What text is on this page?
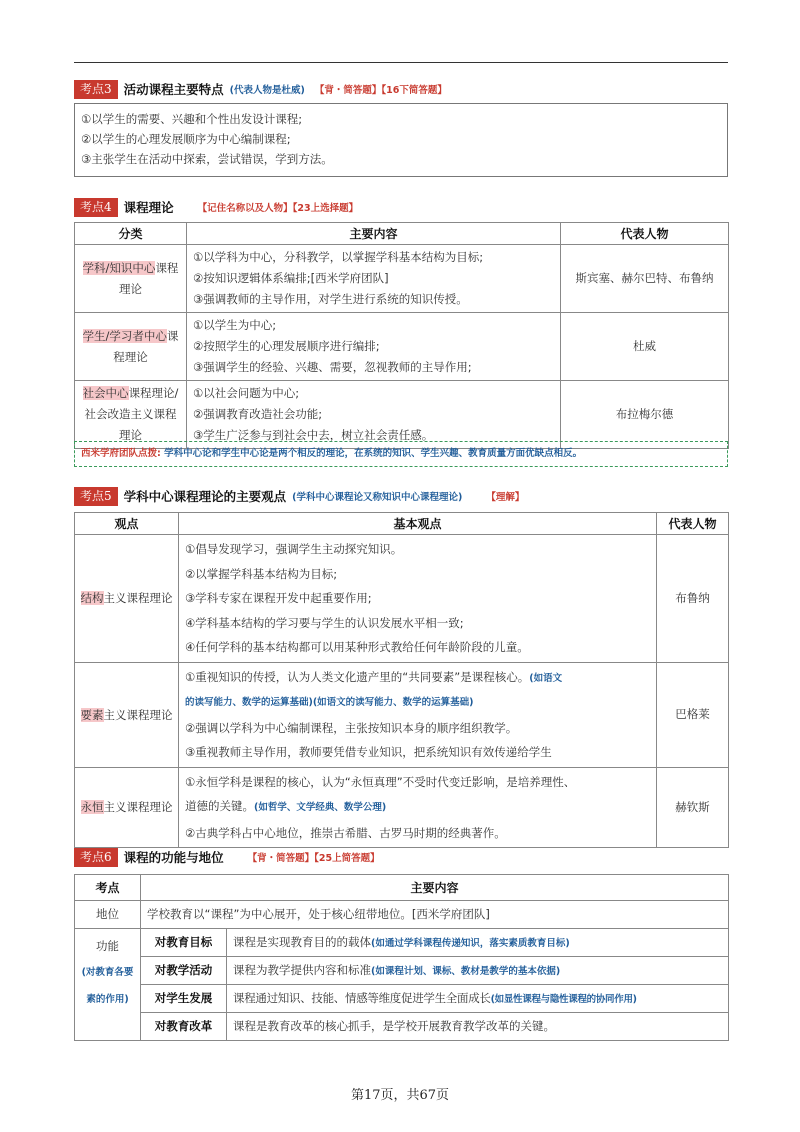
考点3 活动课程主要特点 (代表人物是杜威) 【背・简答题】【16下简答题】
①以学生的需要、兴趣和个性出发设计课程;
②以学生的心理发展顺序为中心编制课程;
③主张学生在活动中探索，尝试错误，学到方法。
考点4 课程理论	【记住名称以及人物】【23上选择题】
分类	主要内容	代表人物
学科/知识中心课程理论	①以学科为中心，分科教学，以掌握学科基本结构为目标;
②按知识逻辑体系编排;[西米学府团队]
③强调教师的主导作用，对学生进行系统的知识传授。	斯宾塞、赫尔巴特、布鲁纳
学生/学习者中心课程理论	①以学生为中心;
②按照学生的心理发展顺序进行编排;
③强调学生的经验、兴趣、需要，忽视教师的主导作用;	杜威
社会中心课程理论/社会改造主义课程理论	①以社会问题为中心;
②强调教育改造社会功能;
③学生广泛参与到社会中去，树立社会责任感。	布拉梅尔德
西米学府团队点拨: 学科中心论和学生中心论是两个相反的理论，在系统的知识、学生兴趣、教育质量方面优缺点相反。
考点5 学科中心课程理论的主要观点 (学科中心课程论又称知识中心课程理论)	【理解】
观点	基本观点	代表人物
结构主义课程理论	①倡导发现学习，强调学生主动探究知识。
②以掌握学科基本结构为目标;
③学科专家在课程开发中起重要作用;
④学科基本结构的学习要与学生的认识发展水平相一致;
④任何学科的基本结构都可以用某种形式教给任何年龄阶段的儿童。	布鲁纳
要素主义课程理论	①重视知识的传授，认为人类文化遗产里的“共同要素”是课程核心。(如语文
的读写能力、数学的运算基础)(如语文的读写能力、数学的运算基础)
②强调以学科为中心编制课程，主张按知识本身的顺序组织教学。
③重视教师主导作用，教师要凭借专业知识，把系统知识有效传递给学生	巴格莱
永恒主义课程理论	①永恒学科是课程的核心，认为“永恒真理”不受时代变迁影响，是培养理性、
道德的关键。(如哲学、文学经典、数学公理)
②古典学科占中心地位，推崇古希腊、古罗马时期的经典著作。	赫钦斯
考点6 课程的功能与地位	【背・简答题】【25上简答题】
考点	主要内容	
地位	学校教育以“课程”为中心展开，处于核心纽带地位。[西米学府团队]	

功能
(对教育各要素的作用)	对教育目标	课程是实现教育目的的载体(如通过学科课程传递知识，落实素质教育目标)
	对教学活动	课程为教学提供内容和标准(如课程计划、课标、教材是教学的基本依据)
	对学生发展	课程通过知识、技能、情感等维度促进学生全面成长(如显性课程与隐性课程的协同作用)
	对教育改革	课程是教育改革的核心抓手，是学校开展教育教学改革的关键。
第17页，共67页
